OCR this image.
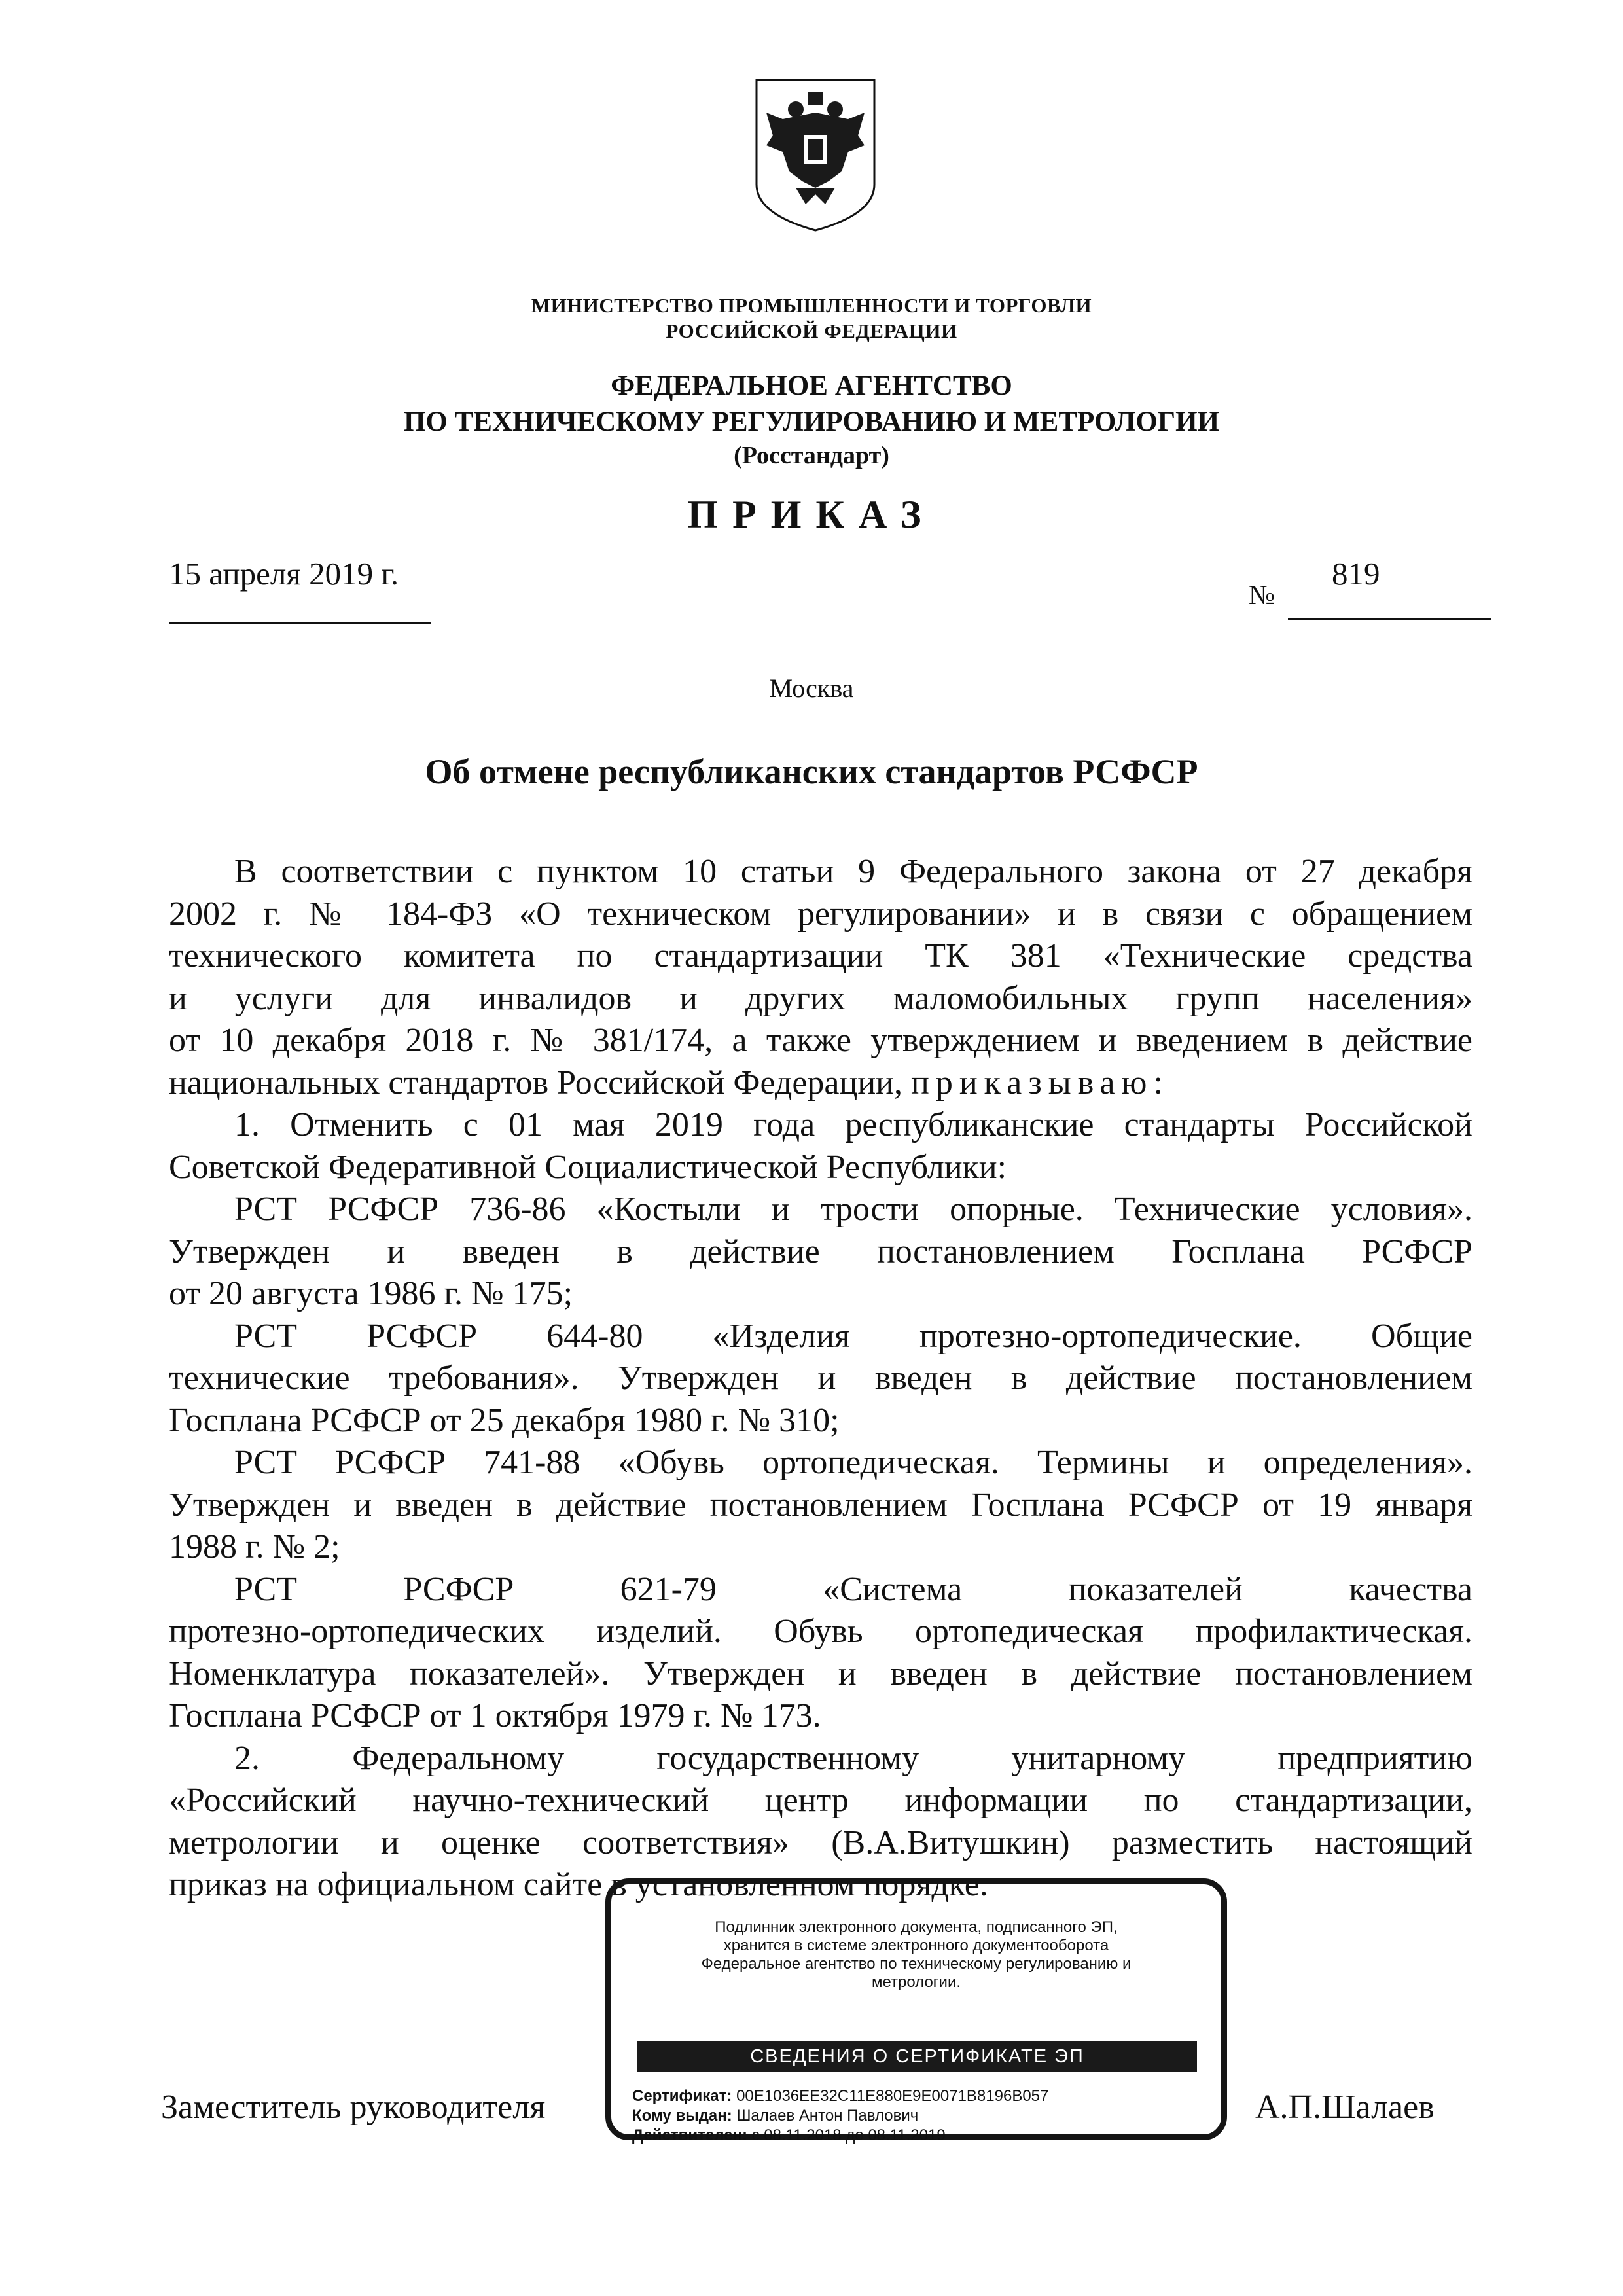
МИНИСТЕРСТВО ПРОМЫШЛЕННОСТИ И ТОРГОВЛИ
РОССИЙСКОЙ ФЕДЕРАЦИИ
ФЕДЕРАЛЬНОЕ АГЕНТСТВО
ПО ТЕХНИЧЕСКОМУ РЕГУЛИРОВАНИЮ И МЕТРОЛОГИИ
(Росстандарт)
ПРИКАЗ
15 апреля 2019 г.
№
819
Москва
Об отмене республиканских стандартов РСФСР
В соответствии с пунктом 10 статьи 9 Федерального закона от 27 декабря
2002 г. № 184-ФЗ «О техническом регулировании» и в связи с обращением
технического комитета по стандартизации ТК 381 «Технические средства
и услуги для инвалидов и других маломобильных групп населения»
от 10 декабря 2018 г. № 381/174, а также утверждением и введением в действие
национальных стандартов Российской Федерации, приказываю:
1. Отменить с 01 мая 2019 года республиканские стандарты Российской
Советской Федеративной Социалистической Республики:
РСТ РСФСР 736-86 «Костыли и трости опорные. Технические условия».
Утвержден и введен в действие постановлением Госплана РСФСР
от 20 августа 1986 г. № 175;
РСТ РСФСР 644-80 «Изделия протезно-ортопедические. Общие
технические требования». Утвержден и введен в действие постановлением
Госплана РСФСР от 25 декабря 1980 г. № 310;
РСТ РСФСР 741-88 «Обувь ортопедическая. Термины и определения».
Утвержден и введен в действие постановлением Госплана РСФСР от 19 января
1988 г. № 2;
РСТ РСФСР 621-79 «Система показателей качества
протезно-ортопедических изделий. Обувь ортопедическая профилактическая.
Номенклатура показателей». Утвержден и введен в действие постановлением
Госплана РСФСР от 1 октября 1979 г. № 173.
2. Федеральному государственному унитарному предприятию
«Российский научно-технический центр информации по стандартизации,
метрологии и оценке соответствия» (В.А.Витушкин) разместить настоящий
приказ на официальном сайте в установленном порядке.
Заместитель руководителя	А.П.Шалаев
Подлинник электронного документа, подписанного ЭП,
хранится в системе электронного документооборота
Федеральное агентство по техническому регулированию и
метрологии.
СВЕДЕНИЯ О СЕРТИФИКАТЕ ЭП
Сертификат: 00E1036EE32C11E880E9E0071B8196B057
Кому выдан: Шалаев Антон Павлович
Действителен: с 08.11.2018 до 08.11.2019
